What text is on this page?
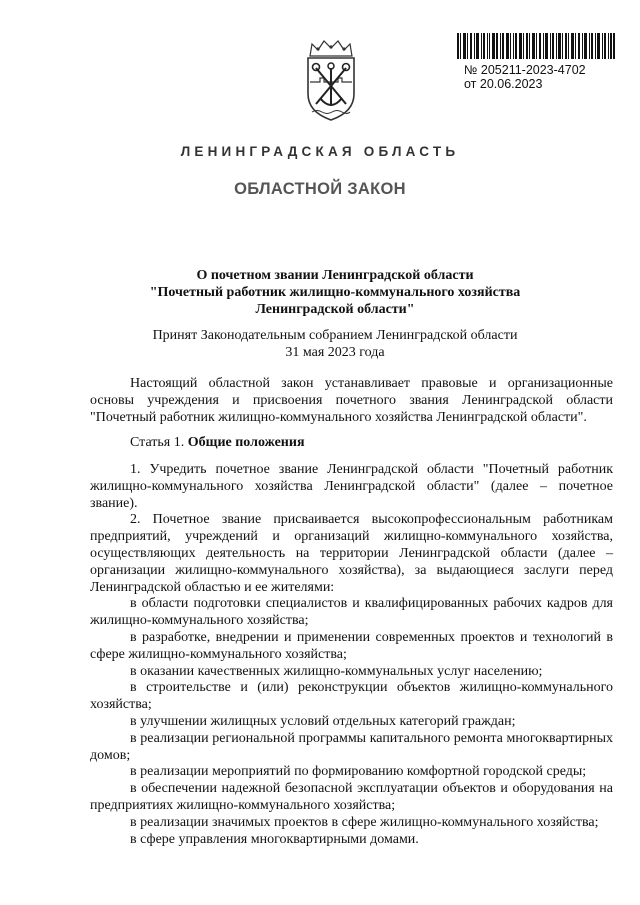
№ 205211-2023-4702
от 20.06.2023
ЛЕНИНГРАДСКАЯ ОБЛАСТЬ
ОБЛАСТНОЙ ЗАКОН
О почетном звании Ленинградской области
"Почетный работник жилищно-коммунального хозяйства
Ленинградской области"
Принят Законодательным собранием Ленинградской области
31 мая 2023 года

Настоящий областной закон устанавливает правовые и организационные основы учреждения и присвоения почетного звания Ленинградской области "Почетный работник жилищно-коммунального хозяйства Ленинградской области".

Статья 1. Общие положения

1. Учредить почетное звание Ленинградской области "Почетный работник жилищно-коммунального хозяйства Ленинградской области" (далее – почетное звание).

2. Почетное звание присваивается высокопрофессиональным работникам предприятий, учреждений и организаций жилищно-коммунального хозяйства, осуществляющих деятельность на территории Ленинградской области (далее – организации жилищно-коммунального хозяйства), за выдающиеся заслуги перед Ленинградской областью и ее жителями:

в области подготовки специалистов и квалифицированных рабочих кадров для жилищно-коммунального хозяйства;

в разработке, внедрении и применении современных проектов и технологий в сфере жилищно-коммунального хозяйства;

в оказании качественных жилищно-коммунальных услуг населению;

в строительстве и (или) реконструкции объектов жилищно-коммунального хозяйства;

в улучшении жилищных условий отдельных категорий граждан;

в реализации региональной программы капитального ремонта многоквартирных домов;

в реализации мероприятий по формированию комфортной городской среды;

в обеспечении надежной безопасной эксплуатации объектов и оборудования на предприятиях жилищно-коммунального хозяйства;

в реализации значимых проектов в сфере жилищно-коммунального хозяйства;

в сфере управления многоквартирными домами.
